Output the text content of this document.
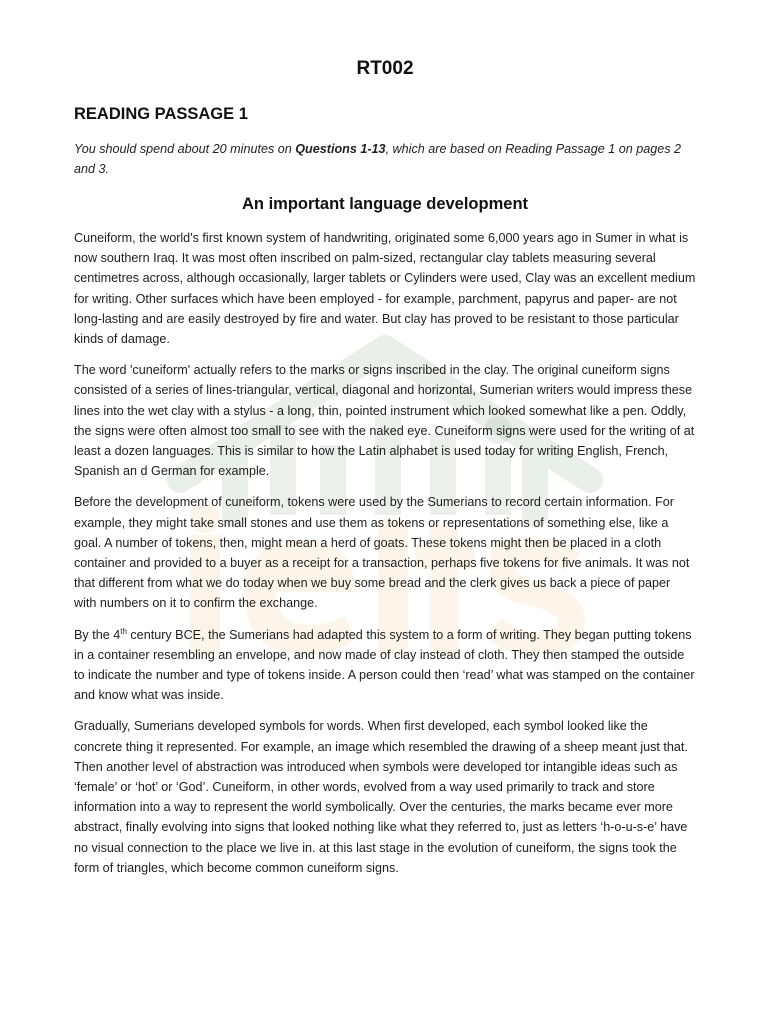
RT002
READING PASSAGE 1

You should spend about 20 minutes on Questions 1-13, which are based on Reading Passage 1 on pages 2 and 3.

An important language development

Cuneiform, the world's first known system of handwriting, originated some 6,000 years ago in Sumer in what is now southern Iraq. It was most often inscribed on palm-sized, rectangular clay tablets measuring several centimetres across, although occasionally, larger tablets or Cylinders were used, Clay was an excellent medium for writing. Other surfaces which have been employed - for example, parchment, papyrus and paper- are not long-lasting and are easily destroyed by fire and water. But clay has proved to be resistant to those particular kinds of damage.

The word 'cuneiform' actually refers to the marks or signs inscribed in the clay. The original cuneiform signs consisted of a series of lines-triangular, vertical, diagonal and horizontal, Sumerian writers would impress these lines into the wet clay with a stylus - a long, thin, pointed instrument which looked somewhat like a pen. Oddly, the signs were often almost too small to see with the naked eye. Cuneiform signs were used for the writing of at least a dozen languages. This is similar to how the Latin alphabet is used today for writing English, French, Spanish an d German for example.

Before the development of cuneiform, tokens were used by the Sumerians to record certain information. For example, they might take small stones and use them as tokens or representations of something else, like a goal. A number of tokens, then, might mean a herd of goats. These tokens might then be placed in a cloth container and provided to a buyer as a receipt for a transaction, perhaps five tokens for five animals. It was not that different from what we do today when we buy some bread and the clerk gives us back a piece of paper with numbers on it to confirm the exchange.

By the 4th century BCE, the Sumerians had adapted this system to a form of writing. They began putting tokens in a container resembling an envelope, and now made of clay instead of cloth. They then stamped the outside to indicate the number and type of tokens inside. A person could then ‘read’ what was stamped on the container and know what was inside.

Gradually, Sumerians developed symbols for words. When first developed, each symbol looked like the concrete thing it represented. For example, an image which resembled the drawing of a sheep meant just that. Then another level of abstraction was introduced when symbols were developed tor intangible ideas such as ‘female’ or ‘hot’ or ‘God’. Cuneiform, in other words, evolved from a way used primarily to track and store information into a way to represent the world symbolically. Over the centuries, the marks became ever more abstract, finally evolving into signs that looked nothing like what they referred to, just as letters ‘h-o-u-s-e’ have no visual connection to the place we live in. at this last stage in the evolution of cuneiform, the signs took the form of triangles, which become common cuneiform signs.
